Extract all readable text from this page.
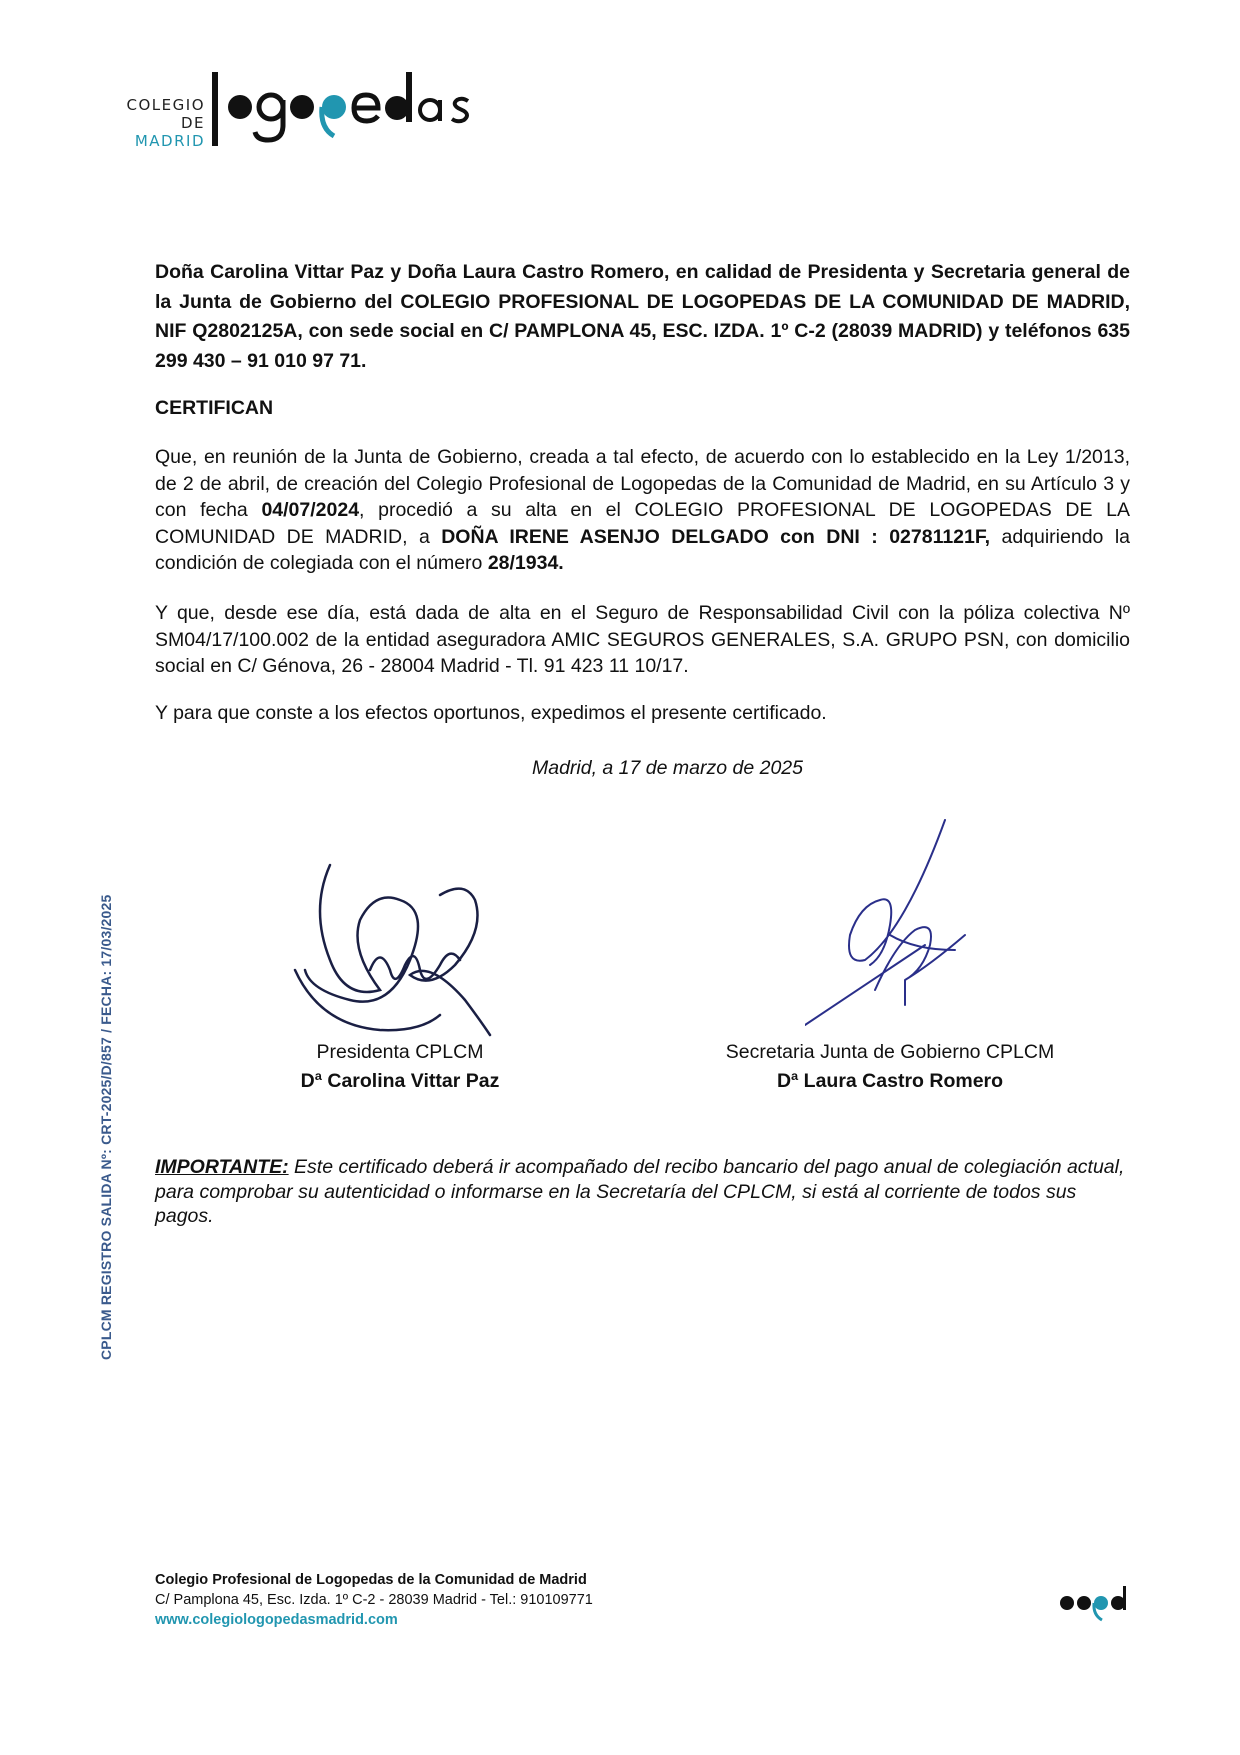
COLEGIO DE
MADRID
Doña Carolina Vittar Paz y Doña Laura Castro Romero, en calidad de Presidenta y Secretaria general de la Junta de Gobierno del COLEGIO PROFESIONAL DE LOGOPEDAS DE LA COMUNIDAD DE MADRID, NIF Q2802125A, con sede social en C/ PAMPLONA 45, ESC. IZDA. 1º C-2 (28039 MADRID) y teléfonos 635 299 430 – 91 010 97 71.
CERTIFICAN
Que, en reunión de la Junta de Gobierno, creada a tal efecto, de acuerdo con lo establecido en la Ley 1/2013, de 2 de abril, de creación del Colegio Profesional de Logopedas de la Comunidad de Madrid, en su Artículo 3 y con fecha 04/07/2024, procedió a su alta en el COLEGIO PROFESIONAL DE LOGOPEDAS DE LA COMUNIDAD DE MADRID, a DOÑA IRENE ASENJO DELGADO con DNI : 02781121F, adquiriendo la condición de colegiada con el número 28/1934.
Y que, desde ese día, está dada de alta en el Seguro de Responsabilidad Civil con la póliza colectiva Nº SM04/17/100.002 de la entidad aseguradora AMIC SEGUROS GENERALES, S.A. GRUPO PSN, con domicilio social en C/ Génova, 26 - 28004 Madrid - Tl. 91 423 11 10/17.
Y para que conste a los efectos oportunos, expedimos el presente certificado.
Madrid, a 17 de marzo de 2025
Presidenta CPLCM
Dª Carolina Vittar Paz
Secretaria Junta de Gobierno CPLCM
Dª Laura Castro Romero
IMPORTANTE: Este certificado deberá ir acompañado del recibo bancario del pago anual de colegiación actual, para comprobar su autenticidad o informarse en la Secretaría del CPLCM, si está al corriente de todos sus pagos.
CPLCM REGISTRO SALIDA Nº: CRT-2025/D/857 / FECHA: 17/03/2025
Colegio Profesional de Logopedas de la Comunidad de Madrid
C/ Pamplona 45, Esc. Izda. 1º C-2 - 28039 Madrid - Tel.: 910109771
www.colegiologopedasmadrid.com
